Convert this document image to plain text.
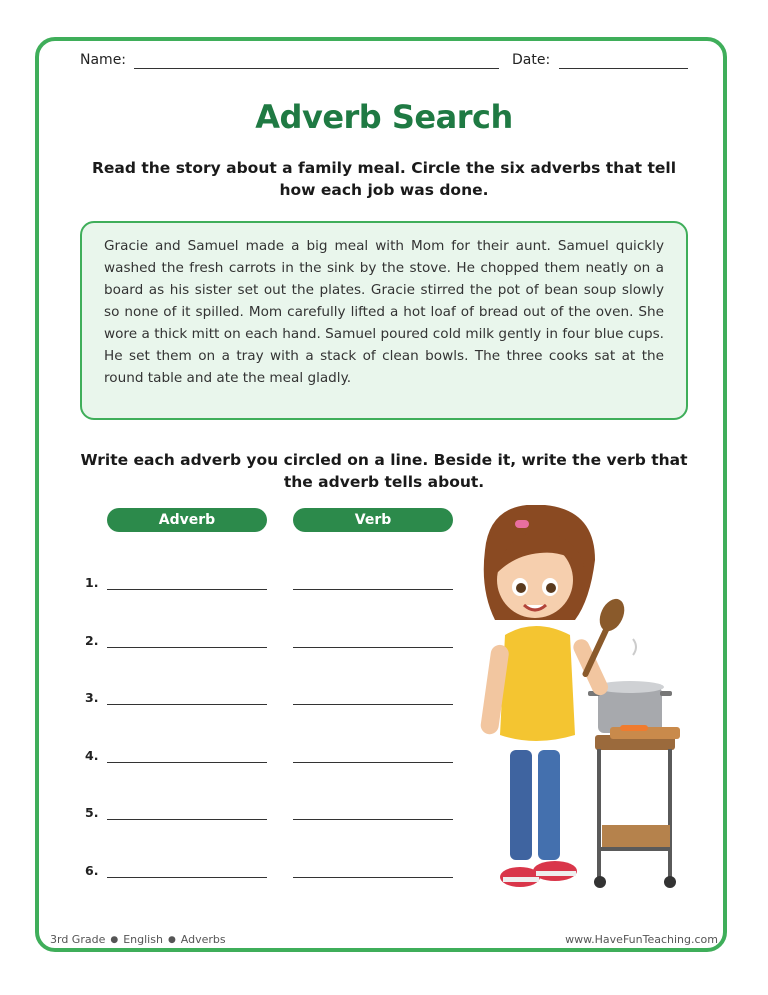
Name:	Date:
Adverb Search
Read the story about a family meal. Circle the six adverbs that tell how each job was done.
Gracie and Samuel made a big meal with Mom for their aunt. Samuel quickly washed the fresh carrots in the sink by the stove. He chopped them neatly on a board as his sister set out the plates. Gracie stirred the pot of bean soup slowly so none of it spilled. Mom carefully lifted a hot loaf of bread out of the oven. She wore a thick mitt on each hand. Samuel poured cold milk gently in four blue cups. He set them on a tray with a stack of clean bowls. The three cooks sat at the round table and ate the meal gladly.
Write each adverb you circled on a line. Beside it, write the verb that the adverb tells about.
Adverb	Verb
1.
2.
3.
4.
5.
6.
3rd Grade ● English ● Adverbs	www.HaveFunTeaching.com
